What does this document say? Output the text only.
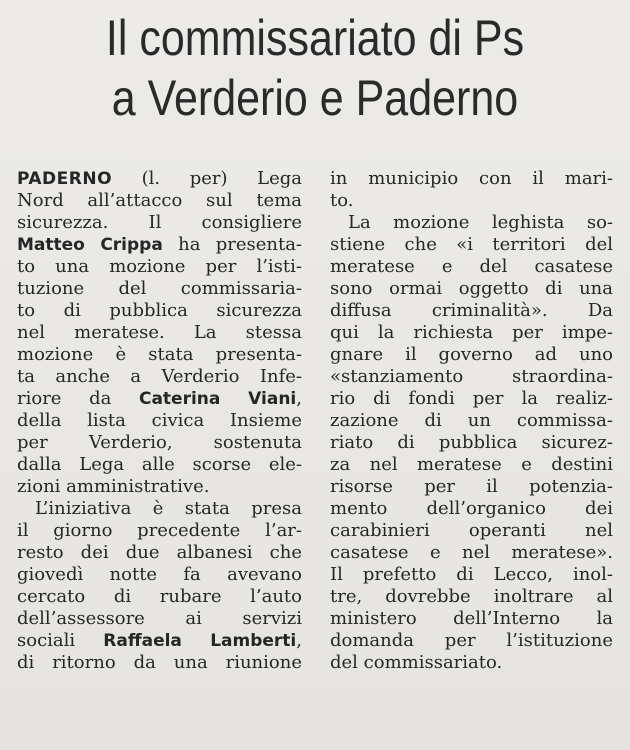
Il commissariato di Ps
a Verderio e Paderno
PADERNO (l. per) Lega
Nord all’attacco sul tema
sicurezza. Il consigliere
Matteo Crippa ha presenta-
to una mozione per l’isti-
tuzione del commissaria-
to di pubblica sicurezza
nel meratese. La stessa
mozione è stata presenta-
ta anche a Verderio Infe-
riore da Caterina Viani,
della lista civica Insieme
per Verderio, sostenuta
dalla Lega alle scorse ele-
zioni amministrative.
L’iniziativa è stata presa
il giorno precedente l’ar-
resto dei due albanesi che
giovedì notte fa avevano
cercato di rubare l’auto
dell’assessore ai servizi
sociali Raffaela Lamberti,
di ritorno da una riunione
in municipio con il mari-
to.
La mozione leghista so-
stiene che «i territori del
meratese e del casatese
sono ormai oggetto di una
diffusa criminalità». Da
qui la richiesta per impe-
gnare il governo ad uno
«stanziamento straordina-
rio di fondi per la realiz-
zazione di un commissa-
riato di pubblica sicurez-
za nel meratese e destini
risorse per il potenzia-
mento dell’organico dei
carabinieri operanti nel
casatese e nel meratese».
Il prefetto di Lecco, inol-
tre, dovrebbe inoltrare al
ministero dell’Interno la
domanda per l’istituzione
del commissariato.
